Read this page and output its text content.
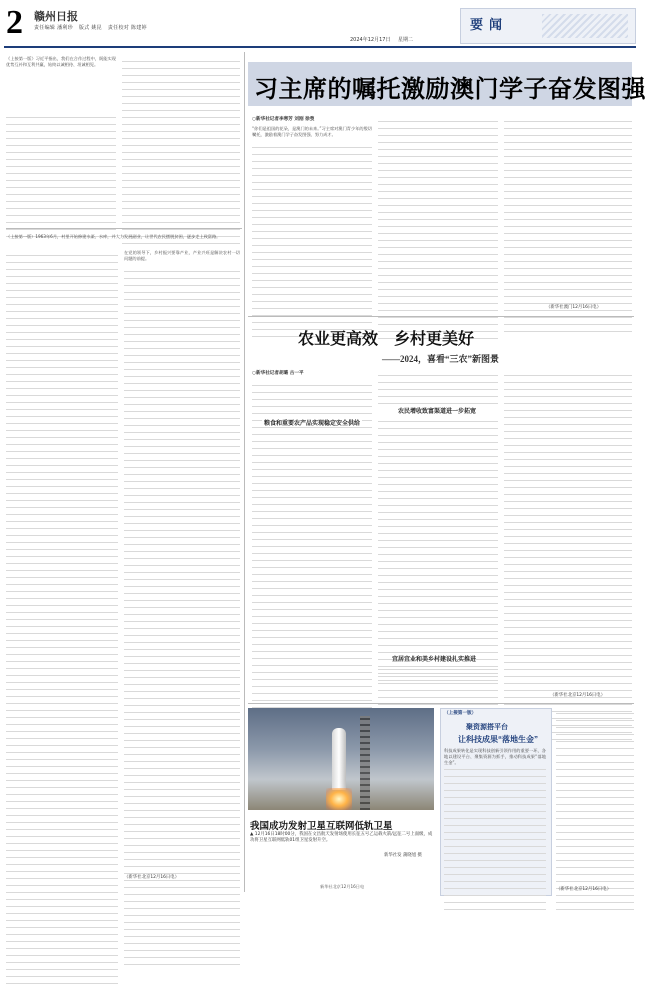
2 赣州日报
责任编辑 潘利珍 版式 姚昆 责任校对 陈建婷
2024年12月17日 星期二
要闻
《上接第一版》习近平指出，我们在合作过程中，既能实现优势互补和互利共赢，始终以诚相待、坦诚相见。
（上接第一版）1963年6月，村里开始修建水渠、水库，并大力发展副业，让世代农民摆脱贫困，逐步走上致富路。
在党的领导下，乡村振兴要靠产业，产业兴旺是解决农村一切问题的前提。
（新华社北京12月16日电）
习主席的嘱托激励澳门学子奋发图强
○新华社记者李寒芳 刘刚 徐弢
“你们是祖国的花朵，是澳门的未来。”习主席对澳门青少年的殷切嘱托，激励着澳门学子奋发图强、努力成才。
（新华社澳门12月16日电）
农业更高效　乡村更美好
——2024，喜看“三农”新图景
○新华社记者胡璐 古一平
粮食和重要农产品实现稳定安全供给
农民增收致富渠道进一步拓宽
宜居宜业和美乡村建设扎实推进
（新华社北京12月16日电）
我国成功发射卫星互联网低轨卫星
▲ 12月16日18时00分，我国在文昌航天发射场使用长征五号乙运载火箭/远征二号上面级，成功将卫星互联网低轨01组卫星发射升空。
新华社发 蒲晓旭 摄
（上接第一版）
聚资源搭平台
让科技成果“落地生金”
科技成果转化是实现科技创新引领作用的重要一环，各地以建设平台、聚集资源为抓手，推动科技成果“落地生金”。
（新华社北京12月16日电）
新华社北京12月16日电
